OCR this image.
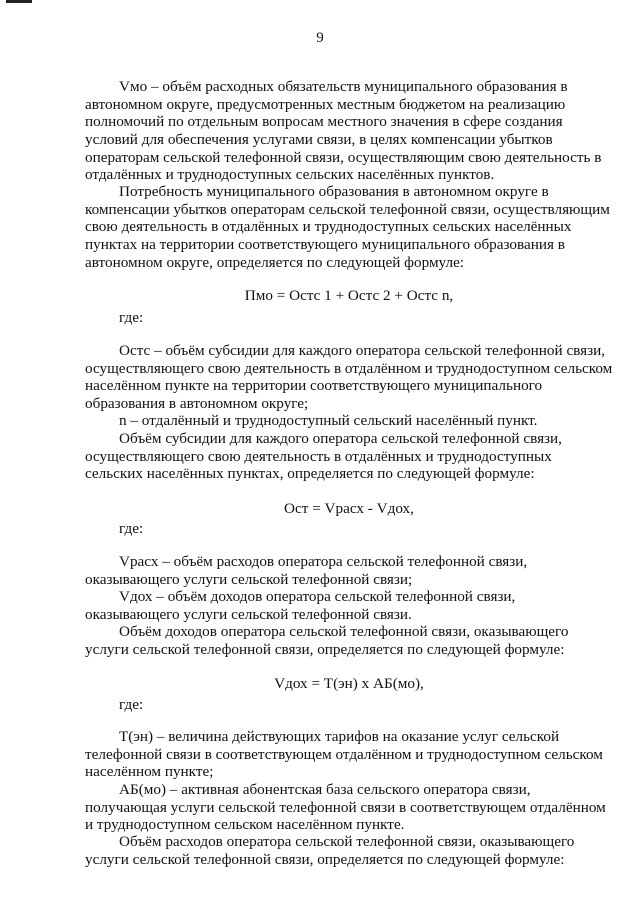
9

Vмо – объём расходных обязательств муниципального образования в автономном округе, предусмотренных местным бюджетом на реализацию полномочий по отдельным вопросам местного значения в сфере создания условий для обеспечения услугами связи, в целях компенсации убытков операторам сельской телефонной связи, осуществляющим свою деятельность в отдалённых и труднодоступных сельских населённых пунктов.

Потребность муниципального образования в автономном округе в компенсации убытков операторам сельской телефонной связи, осуществляющим свою деятельность в отдалённых и труднодоступных сельских населённых пунктах на территории соответствующего муниципального образования в автономном округе, определяется по следующей формуле:

Пмо = Остс 1 + Остс 2 + Остс n,

где:

Остс – объём субсидии для каждого оператора сельской телефонной связи, осуществляющего свою деятельность в отдалённом и труднодоступном сельском населённом пункте на территории соответствующего муниципального образования в автономном округе;

n – отдалённый и труднодоступный сельский населённый пункт.

Объём субсидии для каждого оператора сельской телефонной связи, осуществляющего свою деятельность в отдалённых и труднодоступных сельских населённых пунктах, определяется по следующей формуле:

Ост = Vрасх - Vдох,

где:

Vрасх – объём расходов оператора сельской телефонной связи, оказывающего услуги сельской телефонной связи;

Vдох – объём доходов оператора сельской телефонной связи, оказывающего услуги сельской телефонной связи.

Объём доходов оператора сельской телефонной связи, оказывающего услуги сельской телефонной связи, определяется по следующей формуле:

Vдох = Т(эн) х АБ(мо),

где:

Т(эн) – величина действующих тарифов на оказание услуг сельской телефонной связи в соответствующем отдалённом и труднодоступном сельском населённом пункте;

АБ(мо) – активная абонентская база сельского оператора связи, получающая услуги сельской телефонной связи в соответствующем отдалённом и труднодоступном сельском населённом пункте.

Объём расходов оператора сельской телефонной связи, оказывающего услуги сельской телефонной связи, определяется по следующей формуле:
